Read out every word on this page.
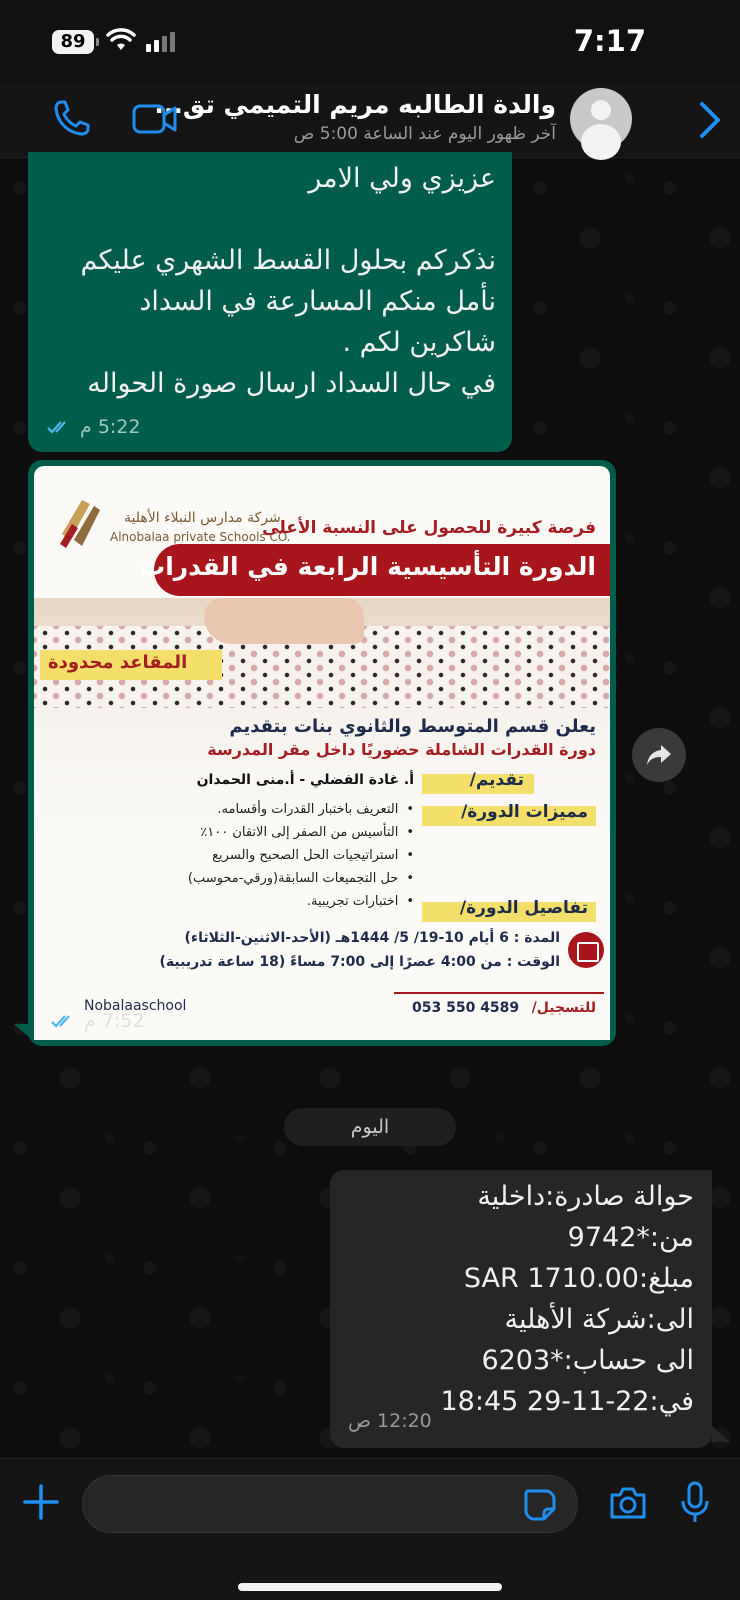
89	7:17
والدة الطالبه مريم التميمي تق...
آخر ظهور اليوم عند الساعة 5:00 ص
عزيزي ولي الامر

نذكركم بحلول القسط الشهري عليكم
نأمل منكم المسارعة في السداد
شاكرين لكم .
في حال السداد ارسال صورة الحواله
5:22 م
شركة مدارس النبلاء الأهلية
Alnobalaa private Schools CO.
فرصة كبيرة للحصول على النسبة الأعلى
الدورة التأسيسية الرابعة في القدرات
المقاعد محدودة
يعلن قسم المتوسط والثانوي بنات بتقديم
دورة القدرات الشاملة حضوريًا داخل مقر المدرسة
تقديم/
أ. غادة الفضلي - أ.منى الحمدان
مميزات الدورة/
• التعريف باختبار القدرات وأقسامه.
• التأسيس من الصفر إلى الاتقان ١٠٠٪
• استراتيجيات الحل الصحيح والسريع
• حل التجميعات السابقة(ورقي-محوسب)
• اختبارات تجريبية.	تفاصيل الدورة/
المدة : 6 أيام 10-19/ 5/ 1444هـ (الأحد-الاثنين-الثلاثاء)
الوقت : من 4:00 عصرًا إلى 7:00 مساءً (18 ساعة تدريبية)
للتسجيل/
053 550 4589
Nobalaaschool
7:52 م
اليوم
حوالة صادرة:داخلية
من:*9742
مبلغ:SAR 1710.00
الى:شركة الأهلية
الى حساب:*6203
في:22-11-29 18:45
12:20 ص
